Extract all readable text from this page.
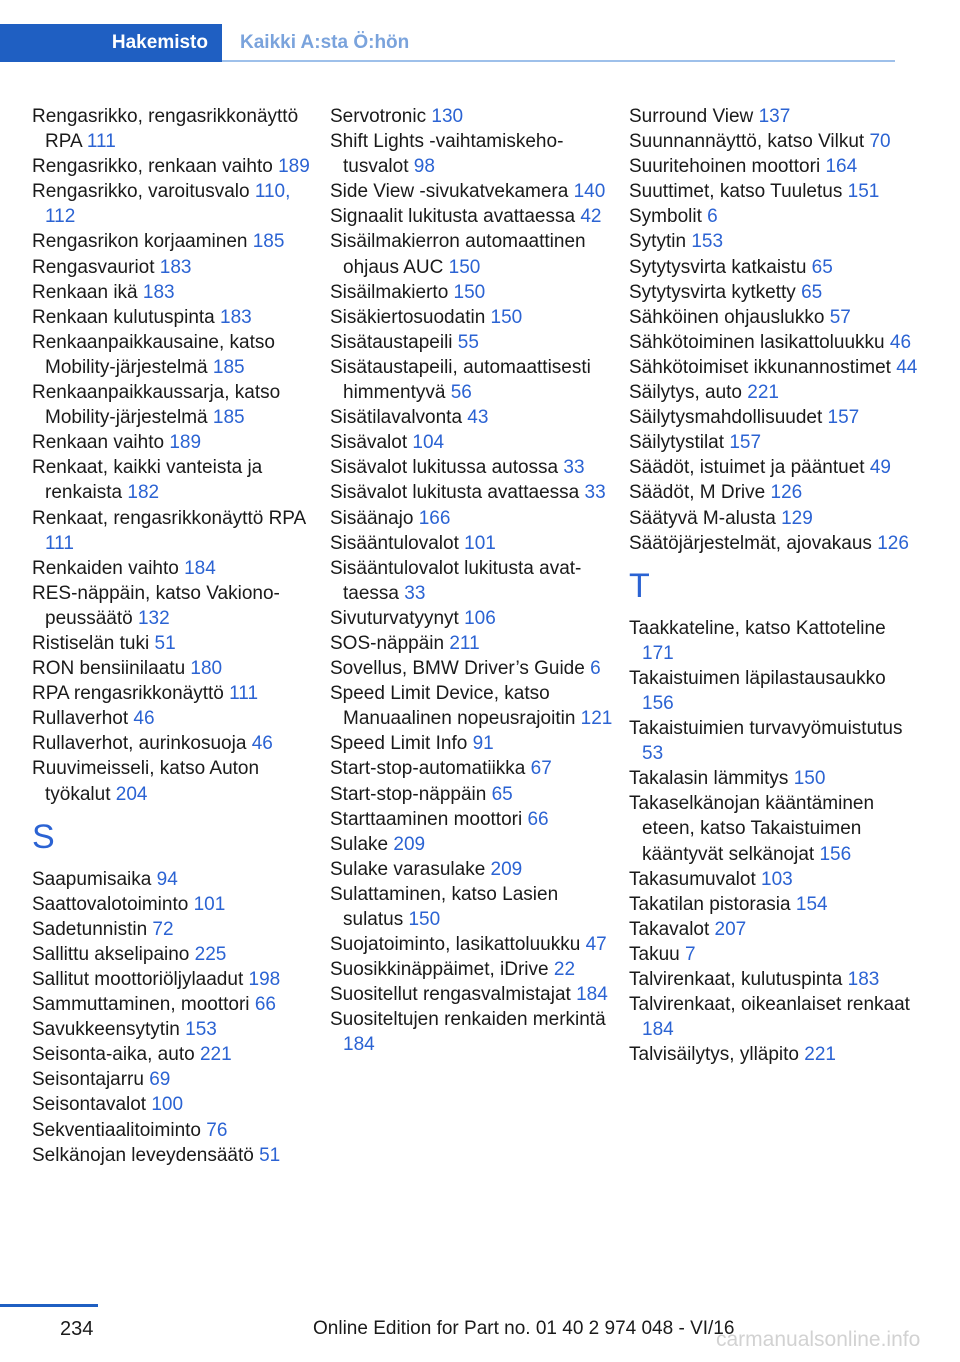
Hakemisto Kaikki A:sta Ö:hön
Rengasrikko, rengasrikkonäyttö RPA 111
Rengasrikko, renkaan vaihto 189
Rengasrikko, varoitusvalo 110, 112
Rengasrikon korjaaminen 185
Rengasvauriot 183
Renkaan ikä 183
Renkaan kulutuspinta 183
Renkaanpaikkausaine, katso Mobility-järjestelmä 185
Renkaanpaikkaussarja, katso Mobility-järjestelmä 185
Renkaan vaihto 189
Renkaat, kaikki vanteista ja renkaista 182
Renkaat, rengasrikkonäyttö RPA 111
Renkaiden vaihto 184
RES-näppäin, katso Vakionopeussäätö 132
Ristiselän tuki 51
RON bensiinilaatu 180
RPA rengasrikkonäyttö 111
Rullaverhot 46
Rullaverhot, aurinkosuoja 46
Ruuvimeisseli, katso Auton työkalut 204
S
Saapumisaika 94
Saattovalotoiminto 101
Sadetunnistin 72
Sallittu akselipaino 225
Sallitut moottoriöljylaadut 198
Sammuttaminen, moottori 66
Savukkeensytytin 153
Seisonta-aika, auto 221
Seisontajarru 69
Seisontavalot 100
Sekventiaalitoiminto 76
Selkänojan leveydensäätö 51
Servotronic 130
Shift Lights -vaihtamiskehotusvalot 98
Side View -sivukatvekamera 140
Signaalit lukitusta avattaessa 42
Sisäilmakierron automaattinen ohjaus AUC 150
Sisäilmakierto 150
Sisäkiertosuodatin 150
Sisätaustapeili 55
Sisätaustapeili, automaattisesti himmentyvä 56
Sisätilavalvonta 43
Sisävalot 104
Sisävalot lukitussa autossa 33
Sisävalot lukitusta avattaessa 33
Sisäänajo 166
Sisääntulovalot 101
Sisääntulovalot lukitusta avattaessa 33
Sivuturvatyynyt 106
SOS-näppäin 211
Sovellus, BMW Driver’s Guide 6
Speed Limit Device, katso Manuaalinen nopeusrajoitin 121
Speed Limit Info 91
Start-stop-automatiikka 67
Start-stop-näppäin 65
Starttaaminen moottori 66
Sulake 209
Sulake varasulake 209
Sulattaminen, katso Lasien sulatus 150
Suojatoiminto, lasikattoluukku 47
Suosikkinäppäimet, iDrive 22
Suositellut rengasvalmistajat 184
Suositeltujen renkaiden merkintä 184
Surround View 137
Suunnannäyttö, katso Vilkut 70
Suuritehoinen moottori 164
Suuttimet, katso Tuuletus 151
Symbolit 6
Sytytin 153
Sytytysvirta katkaistu 65
Sytytysvirta kytketty 65
Sähköinen ohjauslukko 57
Sähkötoiminen lasikattoluukku 46
Sähkötoimiset ikkunannostimet 44
Säilytys, auto 221
Säilytysmahdollisuudet 157
Säilytystilat 157
Säädöt, istuimet ja pääntuet 49
Säädöt, M Drive 126
Säätyvä M-alusta 129
Säätöjärjestelmät, ajovakaus 126
T
Taakkateline, katso Kattoteline 171
Takaistuimen läpilastausaukko 156
Takaistuimien turvavyömuistutus 53
Takalasin lämmitys 150
Takaselkänojan kääntäminen eteen, katso Takaistuimen kääntyvät selkänojat 156
Takasumuvalot 103
Takatilan pistorasia 154
Takavalot 207
Takuu 7
Talvirenkaat, kulutuspinta 183
Talvirenkaat, oikeanlaiset renkaat 184
Talvisäilytys, ylläpito 221
234	Online Edition for Part no. 01 40 2 974 048 - VI/16
carmanualsonline.info
